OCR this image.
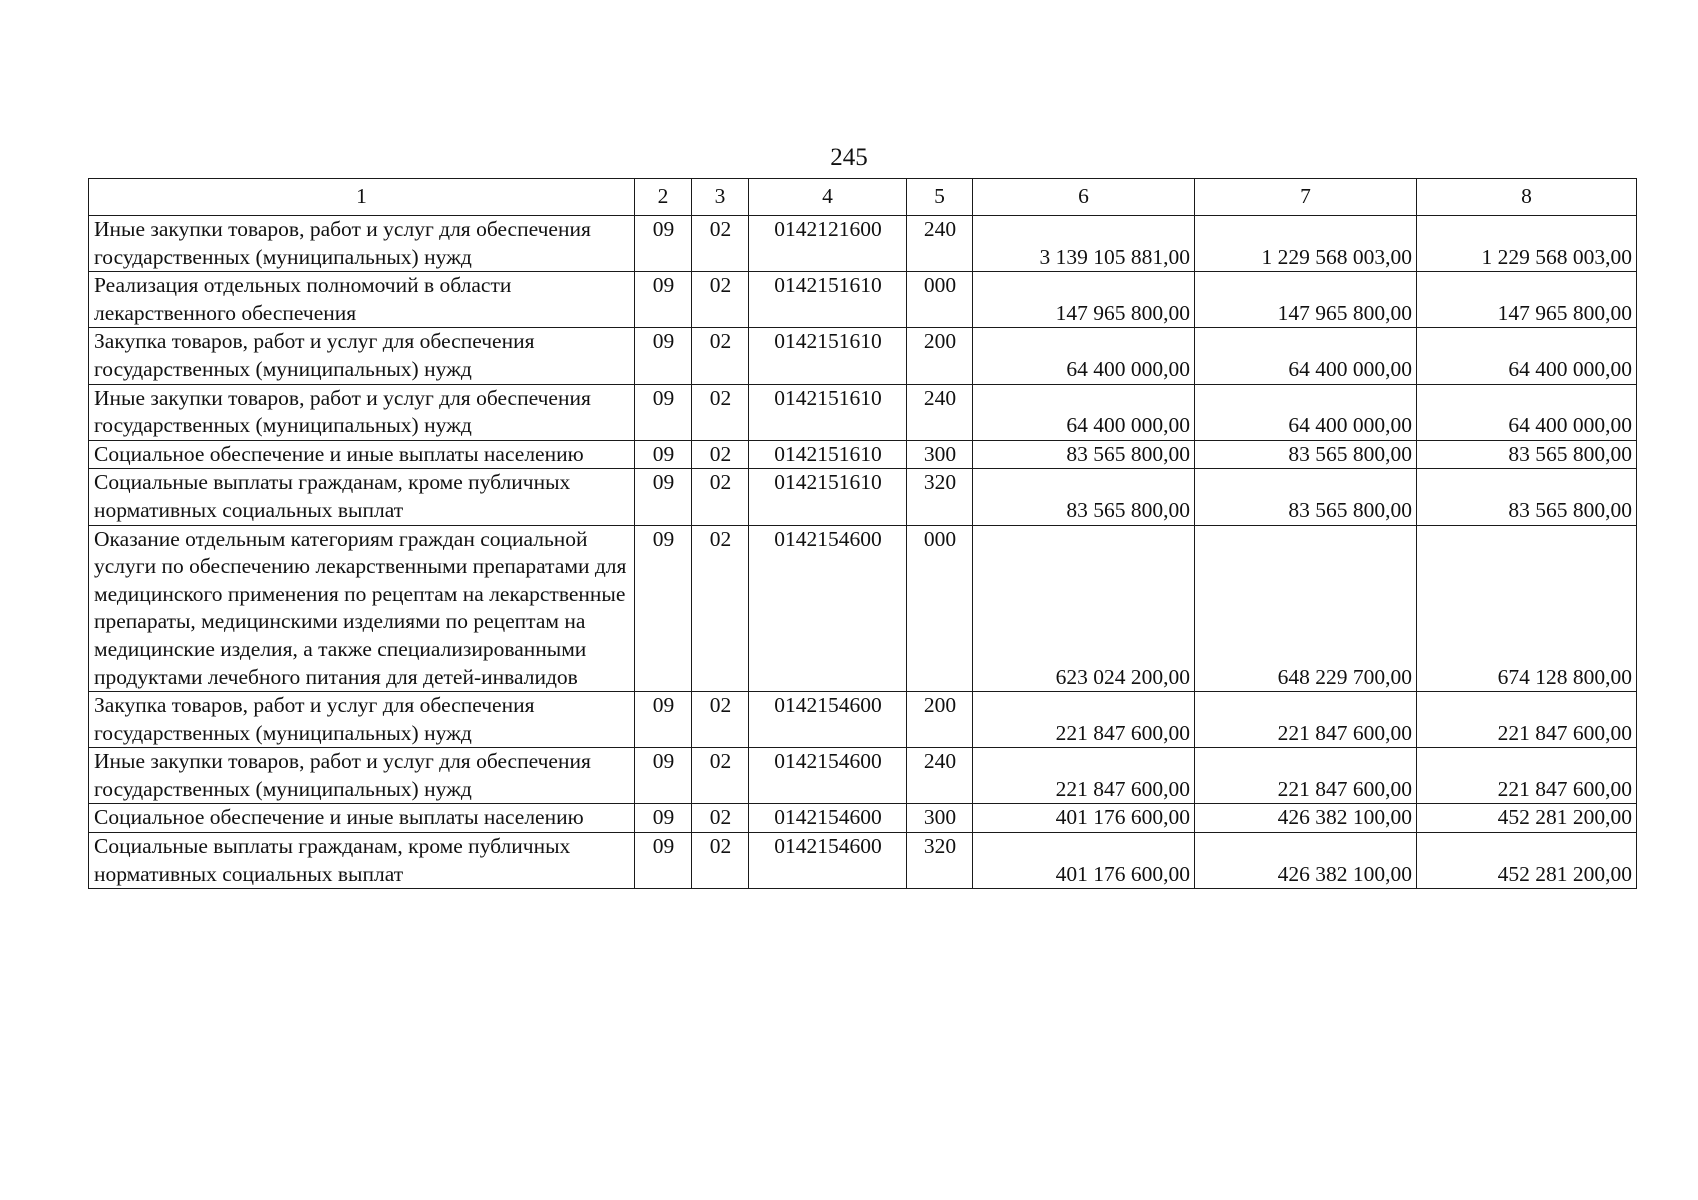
245
1	2	3	4	5	6	7	8
Иные закупки товаров, работ и услуг для обеспечения государственных (муниципальных) нужд	09	02	0142121600	240	3 139 105 881,00	1 229 568 003,00	1 229 568 003,00
Реализация отдельных полномочий в области лекарственного обеспечения	09	02	0142151610	000	147 965 800,00	147 965 800,00	147 965 800,00
Закупка товаров, работ и услуг для обеспечения государственных (муниципальных) нужд	09	02	0142151610	200	64 400 000,00	64 400 000,00	64 400 000,00
Иные закупки товаров, работ и услуг для обеспечения государственных (муниципальных) нужд	09	02	0142151610	240	64 400 000,00	64 400 000,00	64 400 000,00
Социальное обеспечение и иные выплаты населению	09	02	0142151610	300	83 565 800,00	83 565 800,00	83 565 800,00
Социальные выплаты гражданам, кроме публичных нормативных социальных выплат	09	02	0142151610	320	83 565 800,00	83 565 800,00	83 565 800,00
Оказание отдельным категориям граждан социальной услуги по обеспечению лекарственными препаратами для медицинского применения по рецептам на лекарственные препараты, медицинскими изделиями по рецептам на медицинские изделия, а также специализированными продуктами лечебного питания для детей-инвалидов	09	02	0142154600	000	623 024 200,00	648 229 700,00	674 128 800,00
Закупка товаров, работ и услуг для обеспечения государственных (муниципальных) нужд	09	02	0142154600	200	221 847 600,00	221 847 600,00	221 847 600,00
Иные закупки товаров, работ и услуг для обеспечения государственных (муниципальных) нужд	09	02	0142154600	240	221 847 600,00	221 847 600,00	221 847 600,00
Социальное обеспечение и иные выплаты населению	09	02	0142154600	300	401 176 600,00	426 382 100,00	452 281 200,00
Социальные выплаты гражданам, кроме публичных нормативных социальных выплат	09	02	0142154600	320	401 176 600,00	426 382 100,00	452 281 200,00
